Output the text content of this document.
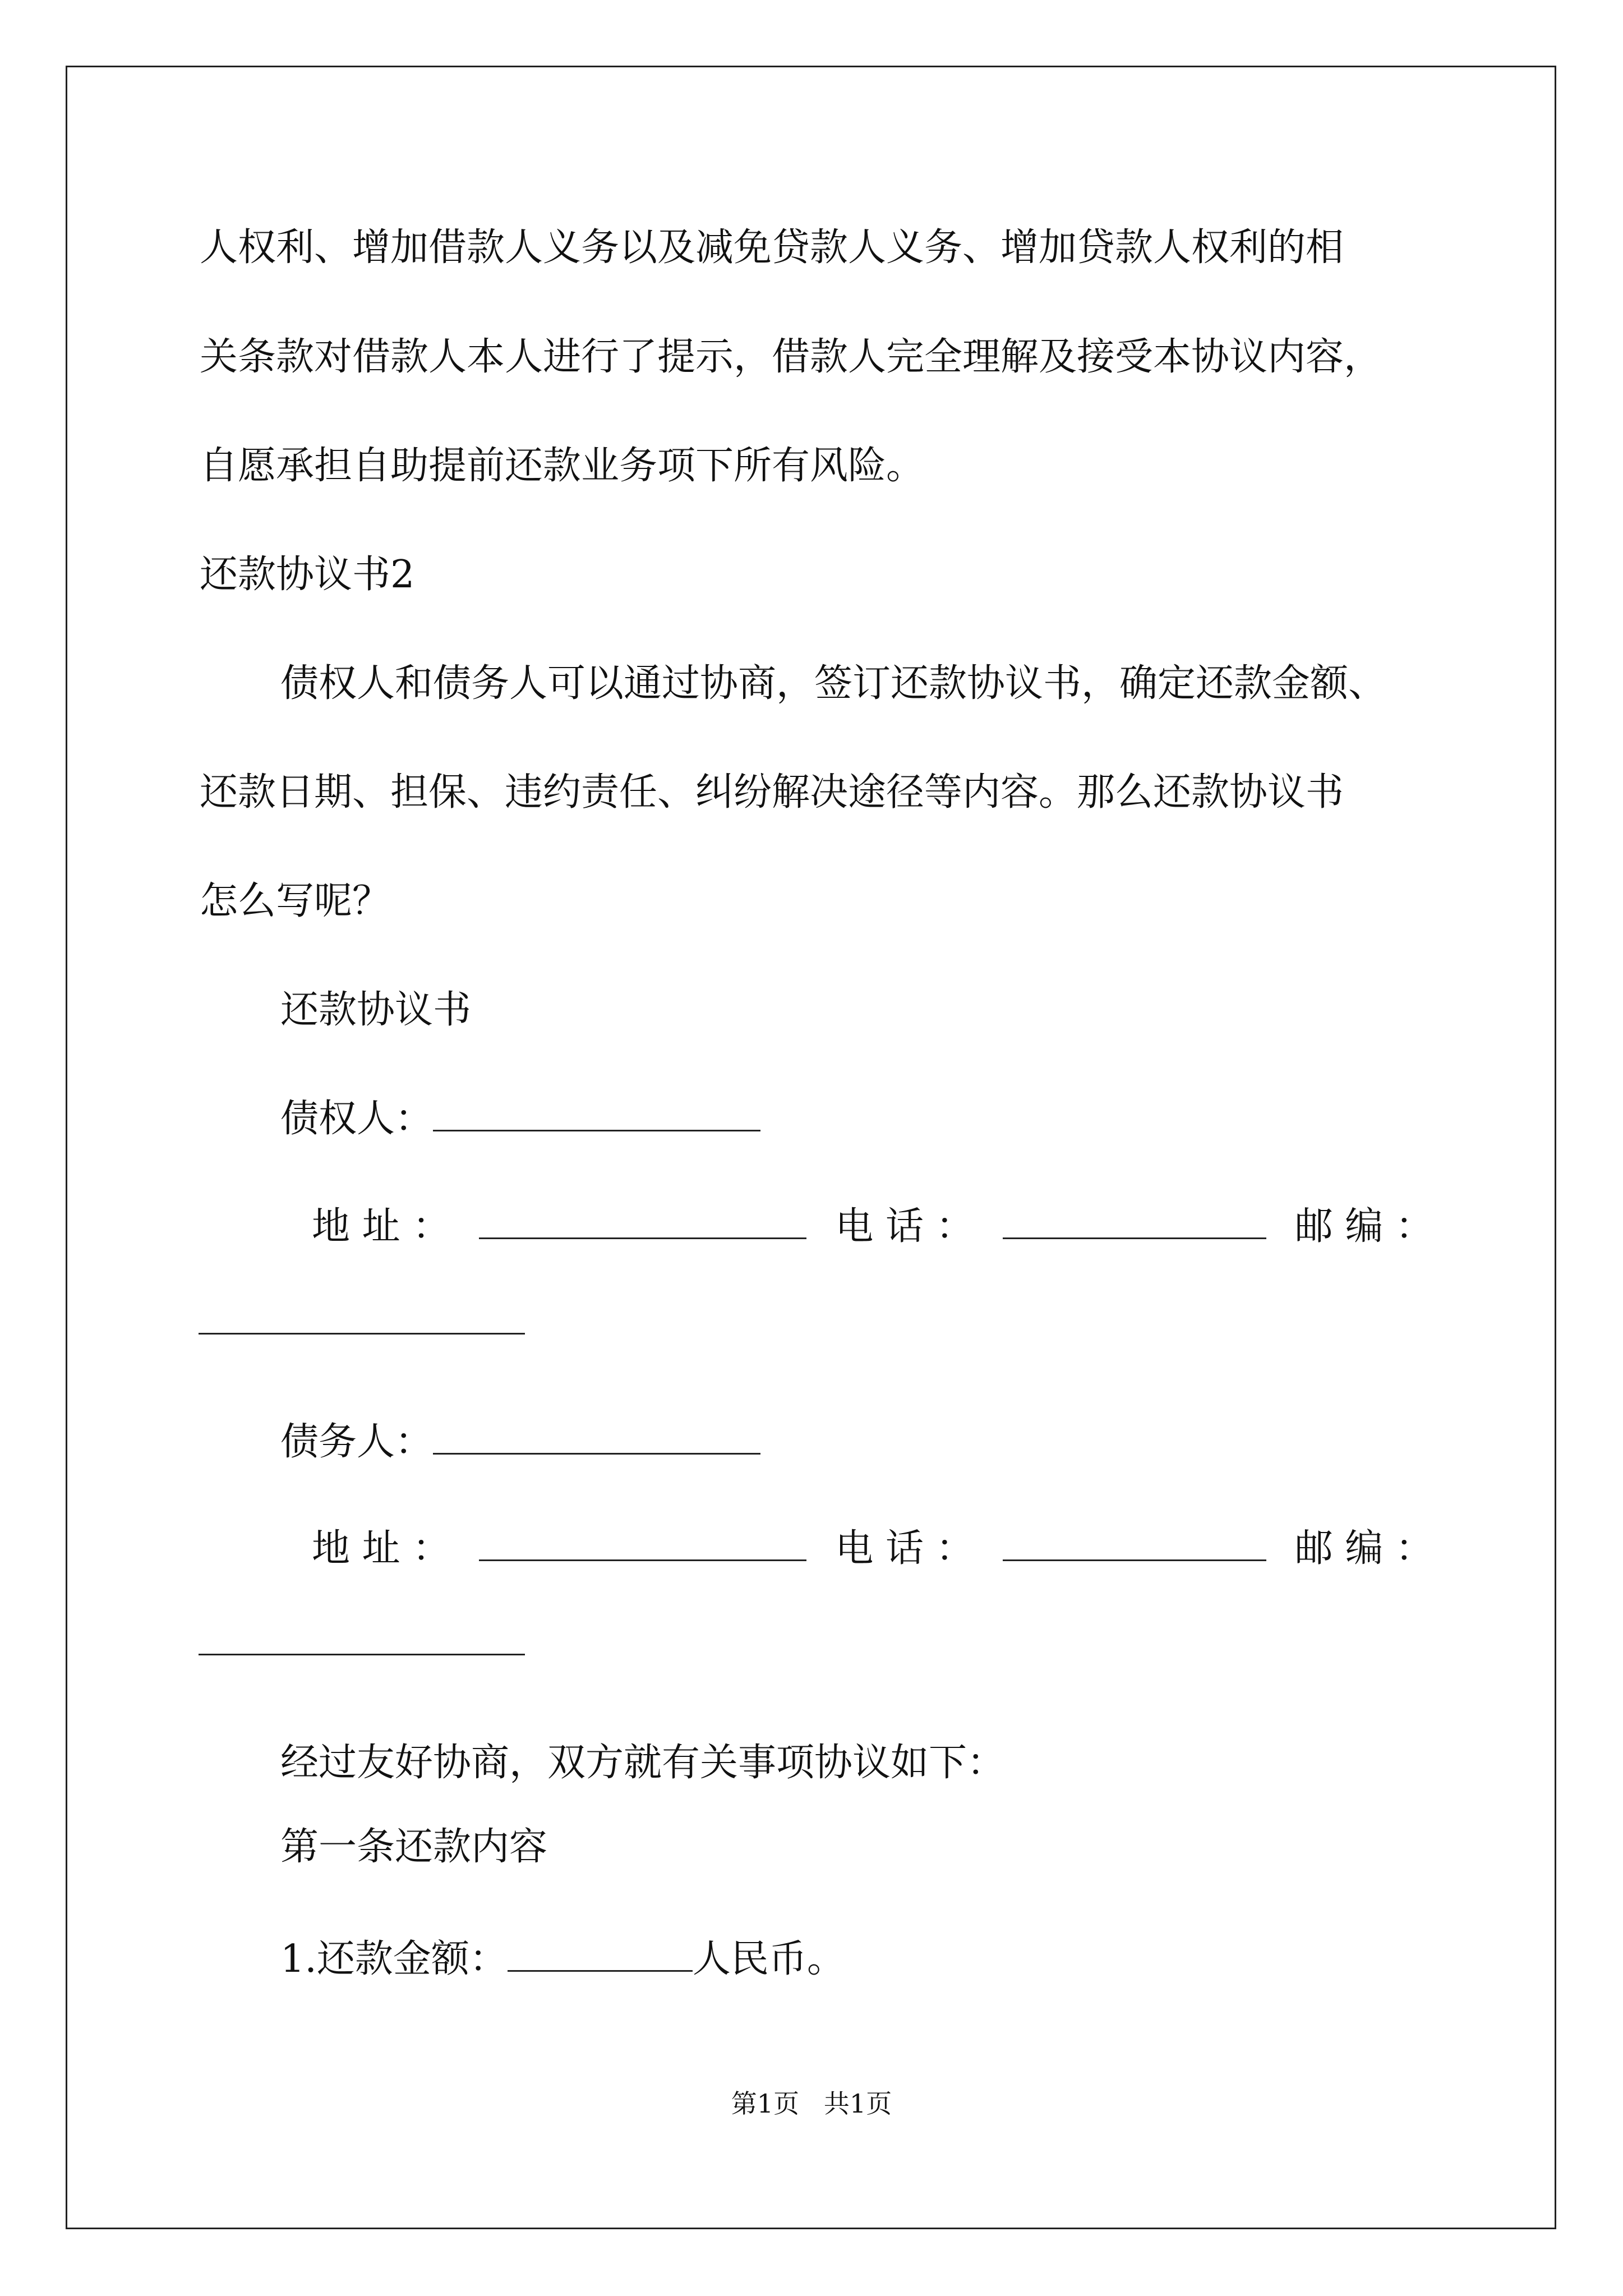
人权利、增加借款人义务以及减免贷款人义务、增加贷款人权利的相
关条款对借款人本人进行了提示，借款人完全理解及接受本协议内容，
自愿承担自助提前还款业务项下所有风险。
还款协议书2
债权人和债务人可以通过协商，签订还款协议书，确定还款金额、
还款日期、担保、违约责任、纠纷解决途径等内容。那么还款协议书
怎么写呢？
还款协议书
债权人：
地 址 ：	电 话 ：	邮 编 ：
债务人：
地 址 ：	电 话 ：	邮 编 ：
经过友好协商，双方就有关事项协议如下：
第一条还款内容
1.还款金额：	人民币。
第1页   共1页
